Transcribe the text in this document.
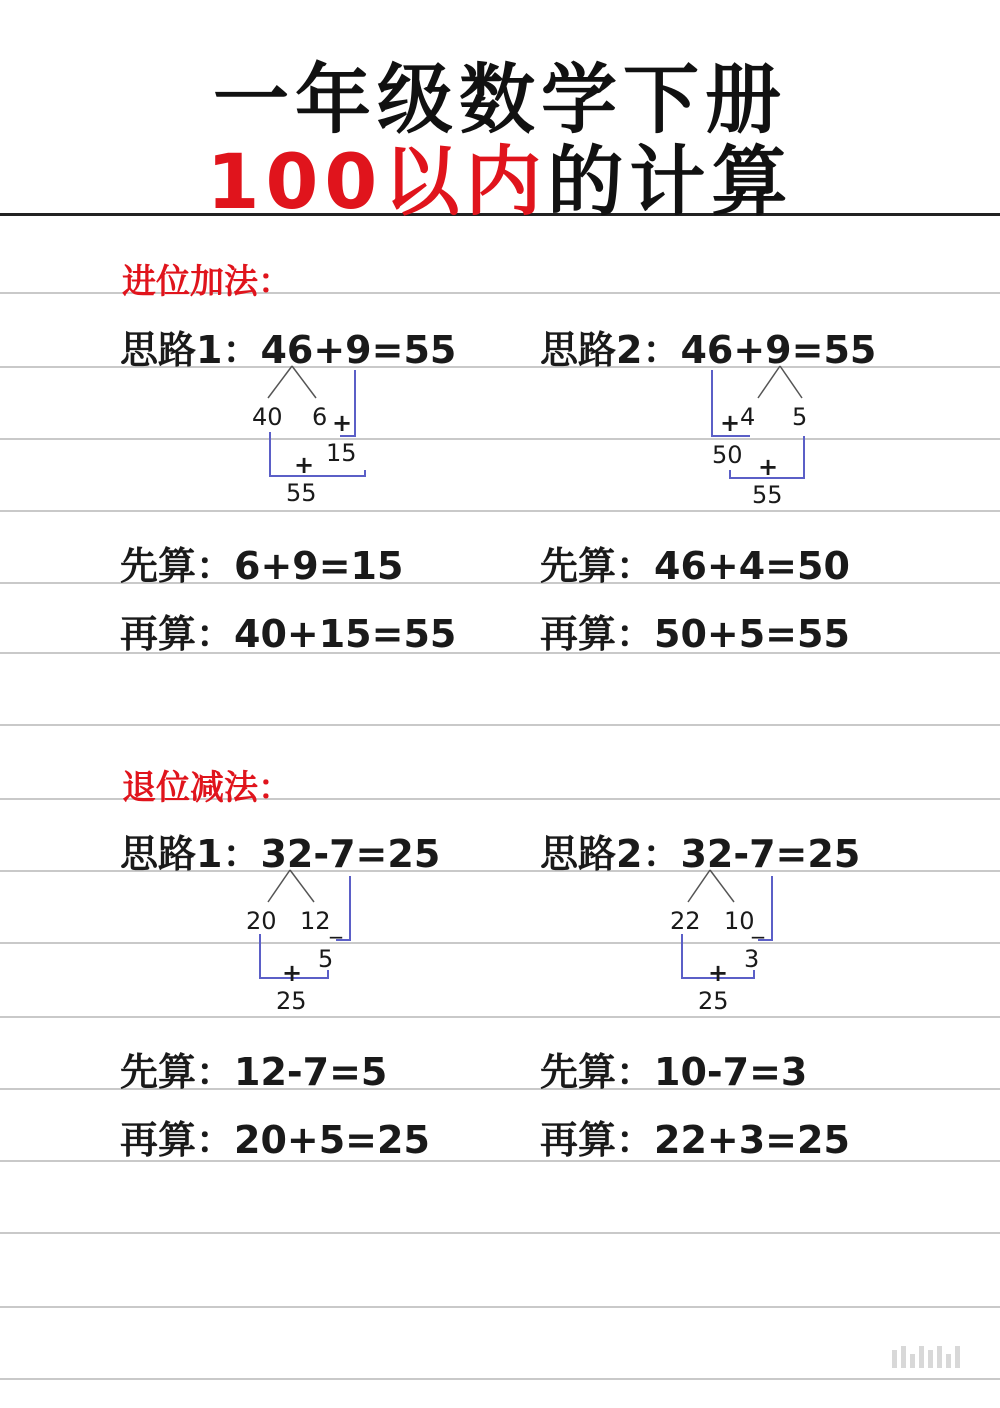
一年级数学下册
100以内的计算
进位加法：
思路1：46+9=55 思路2：46+9=55
40 6 +
15
+
55
+ 4 5
50 +
55
先算：6+9=15	先算：46+4=50
再算：40+15=55 再算：50+5=55
退位减法：
思路1：32-7=25	思路2：32-7=25
20 12 _
5
+
25
22 10
_
3
+
25
先算：12-7=5	先算：10-7=3
再算：20+5=25	再算：22+3=25
